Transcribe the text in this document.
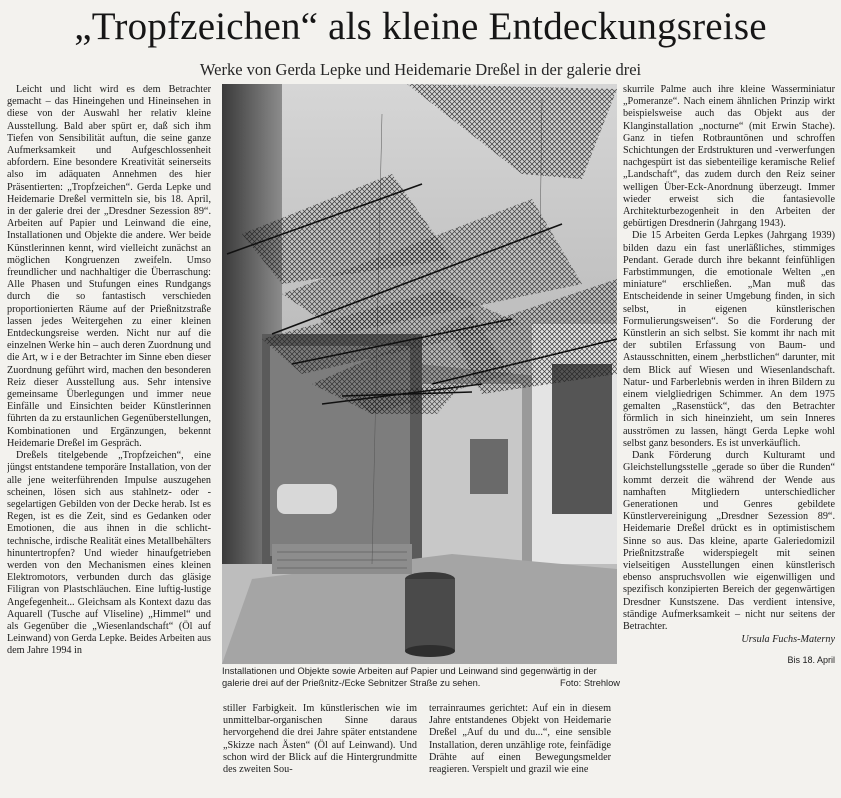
„Tropfzeichen“ als kleine Entdeckungsreise
Werke von Gerda Lepke und Heidemarie Dreßel in der galerie drei

Leicht und licht wird es dem Betrachter gemacht – das Hineingehen und Hineinsehen in diese von der Auswahl her relativ kleine Ausstellung. Bald aber spürt er, daß sich ihm Tiefen von Sensibilität auftun, die seine ganze Aufmerksamkeit und Aufgeschlossenheit abfordern. Eine besondere Kreativität seinerseits also im adäquaten Annehmen des hier Präsentierten: „Tropfzeichen“. Gerda Lepke und Heidemarie Dreßel vermitteln sie, bis 18. April, in der galerie drei der „Dresdner Sezession 89“. Arbeiten auf Papier und Leinwand die eine, Installationen und Objekte die andere. Wer beide Künstlerinnen kennt, wird vielleicht zunächst an möglichen Kongruenzen zweifeln. Umso freundlicher und nachhaltiger die Überraschung: Alle Phasen und Stufungen eines Rundgangs durch die so fantastisch verschieden proportionierten Räume auf der Prießnitzstraße lassen jedes Weitergehen zu einer kleinen Entdeckungsreise werden. Nicht nur auf die einzelnen Werke hin – auch deren Zuordnung und die Art, w i e der Betrachter im Sinne eben dieser Zuordnung geführt wird, machen den besonderen Reiz dieser Ausstellung aus. Sehr intensive gemeinsame Überlegungen und immer neue Einfälle und Einsichten beider Künstlerinnen führten da zu erstaunlichen Gegenüberstellungen, Kombinationen und Ergänzungen, bekennt Heidemarie Dreßel im Gespräch.

Dreßels titelgebende „Tropfzeichen“, eine jüngst entstandene temporäre Installation, von der alle jene weiterführenden Impulse auszugehen scheinen, lösen sich aus stahlnetz- oder -segelartigen Gebilden von der Decke herab. Ist es Regen, ist es die Zeit, sind es Gedanken oder Emotionen, die aus ihnen in die schlicht-technische, irdische Realität eines Metallbehälters hinuntertropfen? Und wieder hinaufgetrieben werden von den Mechanismen eines kleinen Elektromotors, verbunden durch das gläsige Filigran von Plastschläuchen. Eine luftig-lustige Angefegenheit... Gleichsam als Kontext dazu das Aquarell (Tusche auf Vliseline) „Himmel“ und als Gegenüber die „Wiesenlandschaft“ (Öl auf Leinwand) von Gerda Lepke. Beides Arbeiten aus dem Jahre 1994 in

Installationen und Objekte sowie Arbeiten auf Papier und Leinwand sind gegenwärtig in der galerie drei auf der Prießnitz-/Ecke Sebnitzer Straße zu sehen.	Foto: Strehlow

stiller Farbigkeit. Im künstlerischen wie im unmittelbar-organischen Sinne daraus hervorgehend die drei Jahre später entstandene „Skizze nach Ästen“ (Öl auf Leinwand). Und schon wird der Blick auf die Hintergrundmitte des zweiten Sou-

terrainraumes gerichtet: Auf ein in diesem Jahre entstandenes Objekt von Heidemarie Dreßel „Auf du und du...“, eine sensible Installation, deren unzählige rote, feinfädige Drähte auf einen Bewegungsmelder reagieren. Verspielt und grazil wie eine

skurrile Palme auch ihre kleine Wasserminiatur „Pomeranze“. Nach einem ähnlichen Prinzip wirkt beispielsweise auch das Objekt aus der Klanginstallation „nocturne“ (mit Erwin Stache). Ganz in tiefen Rotbrauntönen und schroffen Schichtungen der Erdstrukturen und -verwerfungen nachgespürt ist das siebenteilige keramische Relief „Landschaft“, das zudem durch den Reiz seiner welligen Über-Eck-Anordnung überzeugt. Immer wieder erweist sich die fantasievolle Architekturbezogenheit in den Arbeiten der gebürtigen Dresdnerin (Jahrgang 1943).

Die 15 Arbeiten Gerda Lepkes (Jahrgang 1939) bilden dazu ein fast unerläßliches, stimmiges Pendant. Gerade durch ihre bekannt feinfühligen Farbstimmungen, die emotionale Welten „en miniature“ erschließen. „Man muß das Entscheidende in seiner Umgebung finden, in sich selbst, in eigenen künstlerischen Formulierungsweisen“. So die Forderung der Künstlerin an sich selbst. Sie kommt ihr nach mit der subtilen Erfassung von Baum- und Astausschnitten, einem „herbstlichen“ darunter, mit dem Blick auf Wiesen und Wiesenlandschaft. Natur- und Farberlebnis werden in ihren Bildern zu einem vielgliedrigen Schimmer. An dem 1975 gemalten „Rasenstück“, das den Betrachter förmlich in sich hineinzieht, um sein Inneres ausströmen zu lassen, hängt Gerda Lepke wohl selbst ganz besonders. Es ist unverkäuflich.

Dank Förderung durch Kulturamt und Gleichstellungsstelle „gerade so über die Runden“ kommt derzeit die während der Wende aus namhaften Mitgliedern unterschiedlicher Generationen und Genres gebildete Künstlervereinigung „Dresdner Sezession 89“. Heidemarie Dreßel drückt es in optimistischem Sinne so aus. Das kleine, aparte Galeriedomizil Prießnitzstraße widerspiegelt mit seinen vielseitigen Ausstellungen einen künstlerisch ebenso anspruchsvollen wie eigenwilligen und spezifisch konzipierten Bereich der gegenwärtigen Dresdner Kunstszene. Das verdient intensive, ständige Aufmerksamkeit – nicht nur seitens der Betrachter.

Ursula Fuchs-Materny
Bis 18. April
